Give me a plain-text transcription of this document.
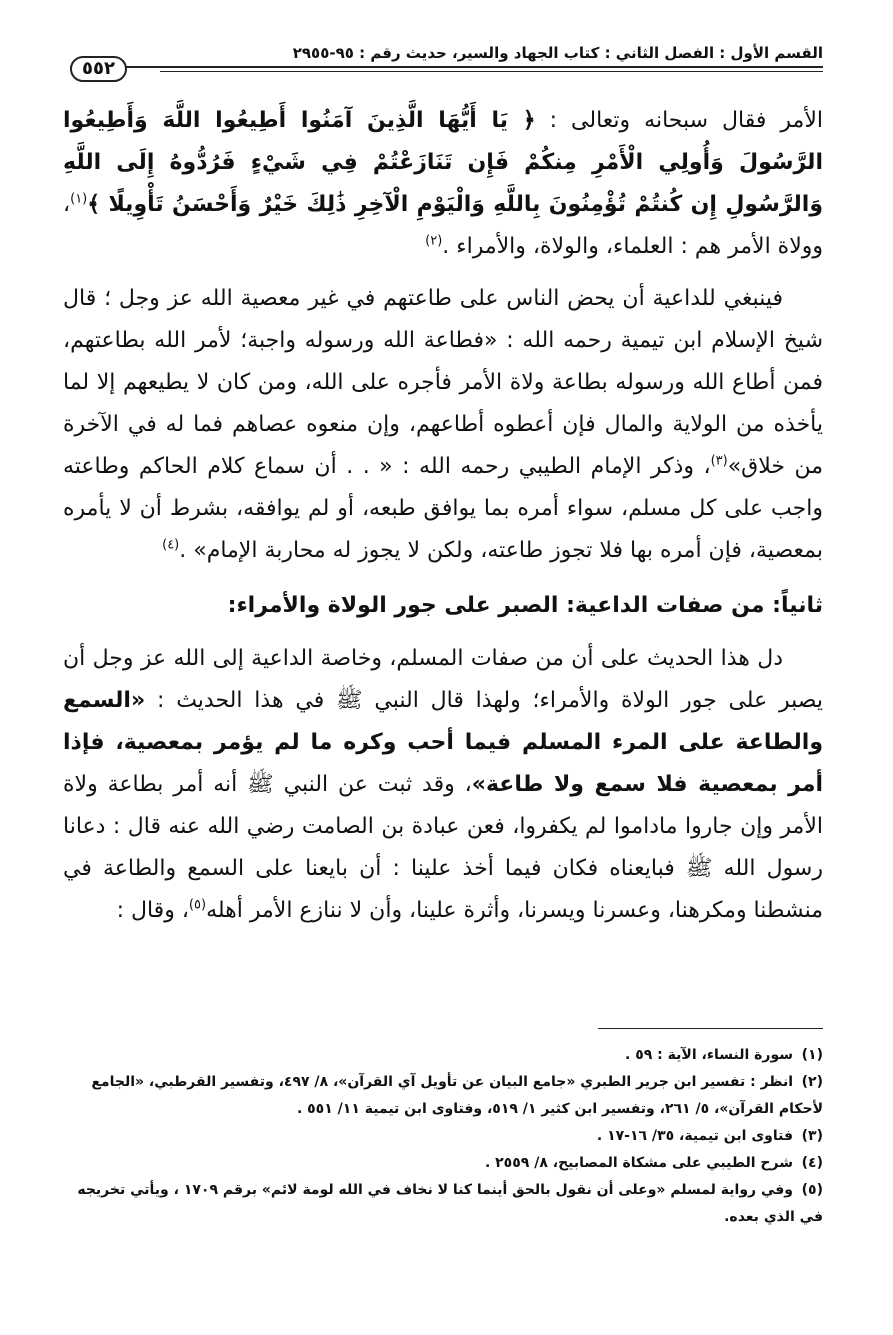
القسم الأول : الفصل الثاني : كتاب الجهاد والسير، حديث رقم : ٩٥-٢٩٥٥
٥٥٢

الأمر فقال سبحانه وتعالى : ﴿ يَا أَيُّهَا الَّذِينَ آمَنُوا أَطِيعُوا اللَّهَ وَأَطِيعُوا الرَّسُولَ وَأُولِي الْأَمْرِ مِنكُمْ فَإِن تَنَازَعْتُمْ فِي شَيْءٍ فَرُدُّوهُ إِلَى اللَّهِ وَالرَّسُولِ إِن كُنتُمْ تُؤْمِنُونَ بِاللَّهِ وَالْيَوْمِ الْآخِرِ ذَٰلِكَ خَيْرٌ وَأَحْسَنُ تَأْوِيلًا ﴾$^{(١)}$، وولاة الأمر هم : العلماء، والولاة، والأمراء .$^{(٢)}$

فينبغي للداعية أن يحض الناس على طاعتهم في غير معصية الله عز وجل ؛ قال شيخ الإسلام ابن تيمية رحمه الله : «فطاعة الله ورسوله واجبة؛ لأمر الله بطاعتهم، فمن أطاع الله ورسوله بطاعة ولاة الأمر فأجره على الله، ومن كان لا يطيعهم إلا لما يأخذه من الولاية والمال فإن أعطوه أطاعهم، وإن منعوه عصاهم فما له في الآخرة من خلاق»$^{(٣)}$، وذكر الإمام الطيبي رحمه الله : « . . أن سماع كلام الحاكم وطاعته واجب على كل مسلم، سواء أمره بما يوافق طبعه، أو لم يوافقه، بشرط أن لا يأمره بمعصية، فإن أمره بها فلا تجوز طاعته، ولكن لا يجوز له محاربة الإمام» .$^{(٤)}$

ثانياً: من صفات الداعية: الصبر على جور الولاة والأمراء:

دل هذا الحديث على أن من صفات المسلم، وخاصة الداعية إلى الله عز وجل أن يصبر على جور الولاة والأمراء؛ ولهذا قال النبي ﷺ في هذا الحديث : «السمع والطاعة على المرء المسلم فيما أحب وكره ما لم يؤمر بمعصية، فإذا أمر بمعصية فلا سمع ولا طاعة»، وقد ثبت عن النبي ﷺ أنه أمر بطاعة ولاة الأمر وإن جاروا ماداموا لم يكفروا، فعن عبادة بن الصامت رضي الله عنه قال : دعانا رسول الله ﷺ فبايعناه فكان فيما أخذ علينا : أن بايعنا على السمع والطاعة في منشطنا ومكرهنا، وعسرنا ويسرنا، وأثرة علينا، وأن لا ننازع الأمر أهله$^{(٥)}$، وقال :

(١)سورة النساء، الآية : ٥٩ .
(٢)انظر : تفسير ابن جرير الطبري «جامع البيان عن تأويل آي القرآن»، ٨/ ٤٩٧، وتفسير القرطبي، «الجامع لأحكام القرآن»، ٥/ ٢٦١، وتفسير ابن كثير ١/ ٥١٩، وفتاوى ابن تيمية ١١/ ٥٥١ .
(٣)فتاوى ابن تيمية، ٣٥/ ١٦-١٧ .
(٤)شرح الطيبي على مشكاة المصابيح، ٨/ ٢٥٥٩ .
(٥)وفي رواية لمسلم «وعلى أن نقول بالحق أينما كنا لا نخاف في الله لومة لائم» برقم ١٧٠٩ ، ويأتي تخريجه في الذي بعده.
